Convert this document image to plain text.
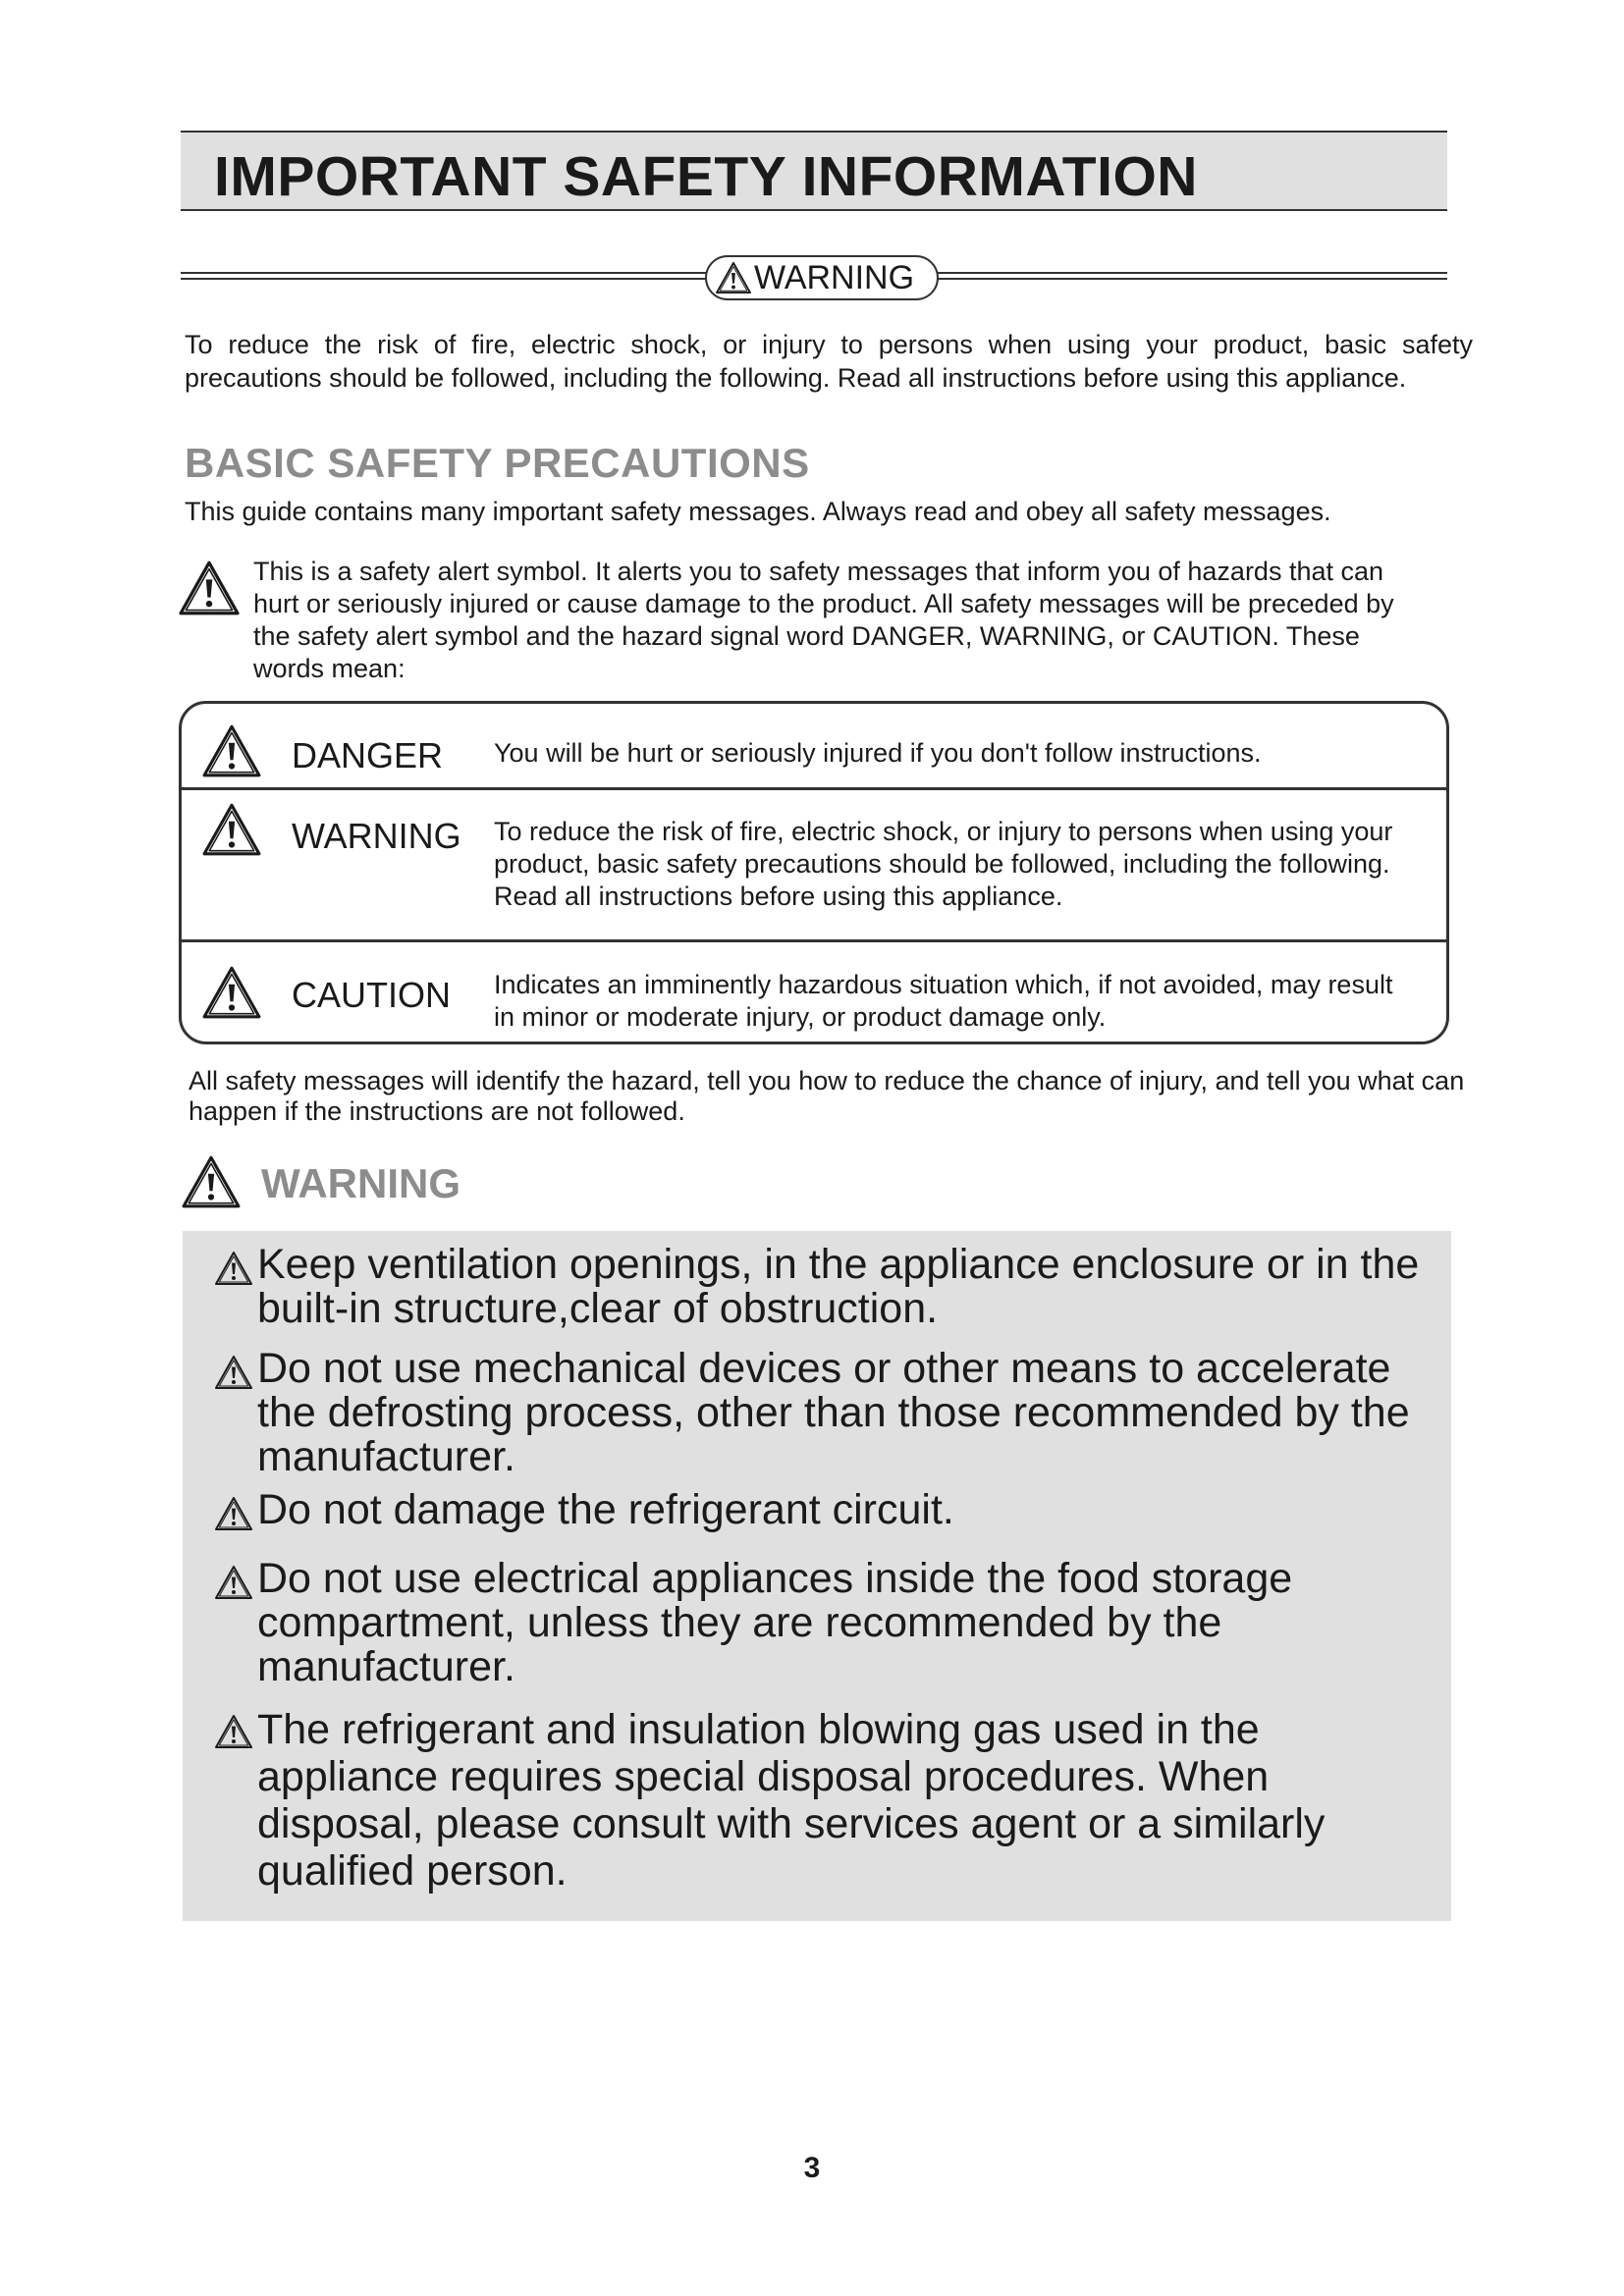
IMPORTANT SAFETY INFORMATION
WARNING

To reduce the risk of fire, electric shock, or injury to persons when using your product, basic safety precautions should be followed, including the following. Read all instructions before using this appliance.

BASIC SAFETY PRECAUTIONS

This guide contains many important safety messages. Always read and obey all safety messages.

This is a safety alert symbol. It alerts you to safety messages that inform you of hazards that can hurt or seriously injured or cause damage to the product. All safety messages will be preceded by the safety alert symbol and the hazard signal word DANGER, WARNING, or CAUTION. These words mean:

DANGER You will be hurt or seriously injured if you don't follow instructions.

WARNING To reduce the risk of fire, electric shock, or injury to persons when using your product, basic safety precautions should be followed, including the following. Read all instructions before using this appliance.

CAUTION Indicates an imminently hazardous situation which, if not avoided, may result in minor or moderate injury, or product damage only.

All safety messages will identify the hazard, tell you how to reduce the chance of injury, and tell you what can happen if the instructions are not followed.

WARNING

Keep ventilation openings, in the appliance enclosure or in the built-in structure,clear of obstruction.

Do not use mechanical devices or other means to accelerate the defrosting process, other than those recommended by the manufacturer.

Do not damage the refrigerant circuit.

Do not use electrical appliances inside the food storage compartment, unless they are recommended by the manufacturer.

The refrigerant and insulation blowing gas used in the appliance requires special disposal procedures. When disposal, please consult with services agent or a similarly qualified person.

3
